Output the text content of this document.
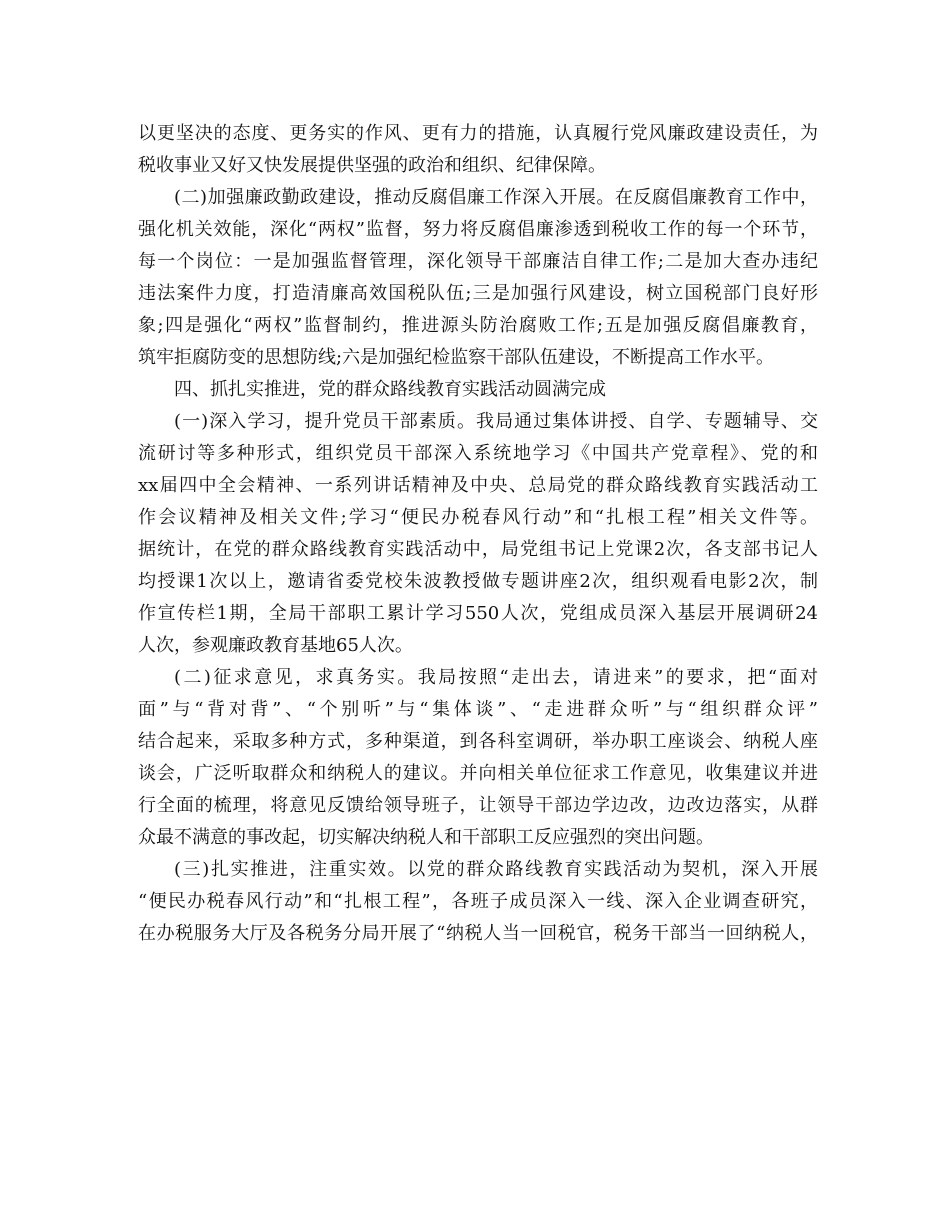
以更坚决的态度、更务实的作风、更有力的措施，认真履行党风廉政建设责任，为
税收事业又好又快发展提供坚强的政治和组织、纪律保障。
(二)加强廉政勤政建设，推动反腐倡廉工作深入开展。在反腐倡廉教育工作中，
强化机关效能，深化“两权”监督，努力将反腐倡廉渗透到税收工作的每一个环节，
每一个岗位：一是加强监督管理，深化领导干部廉洁自律工作;二是加大查办违纪
违法案件力度，打造清廉高效国税队伍;三是加强行风建设，树立国税部门良好形
象;四是强化“两权”监督制约，推进源头防治腐败工作;五是加强反腐倡廉教育，
筑牢拒腐防变的思想防线;六是加强纪检监察干部队伍建设，不断提高工作水平。
四、抓扎实推进，党的群众路线教育实践活动圆满完成
(一)深入学习，提升党员干部素质。我局通过集体讲授、自学、专题辅导、交
流研讨等多种形式，组织党员干部深入系统地学习《中国共产党章程》、党的和
xx届四中全会精神、一系列讲话精神及中央、总局党的群众路线教育实践活动工
作会议精神及相关文件;学习“便民办税春风行动”和“扎根工程”相关文件等。
据统计，在党的群众路线教育实践活动中，局党组书记上党课2次，各支部书记人
均授课1次以上，邀请省委党校朱波教授做专题讲座2次，组织观看电影2次，制
作宣传栏1期，全局干部职工累计学习550人次，党组成员深入基层开展调研24
人次，参观廉政教育基地65人次。
(二)征求意见，求真务实。我局按照“走出去，请进来”的要求，把“面对
面”与“背对背”、“个别听”与“集体谈”、“走进群众听”与“组织群众评”
结合起来，采取多种方式，多种渠道，到各科室调研，举办职工座谈会、纳税人座
谈会，广泛听取群众和纳税人的建议。并向相关单位征求工作意见，收集建议并进
行全面的梳理，将意见反馈给领导班子，让领导干部边学边改，边改边落实，从群
众最不满意的事改起，切实解决纳税人和干部职工反应强烈的突出问题。
(三)扎实推进，注重实效。以党的群众路线教育实践活动为契机，深入开展
“便民办税春风行动”和“扎根工程”，各班子成员深入一线、深入企业调查研究，
在办税服务大厅及各税务分局开展了“纳税人当一回税官，税务干部当一回纳税人，
